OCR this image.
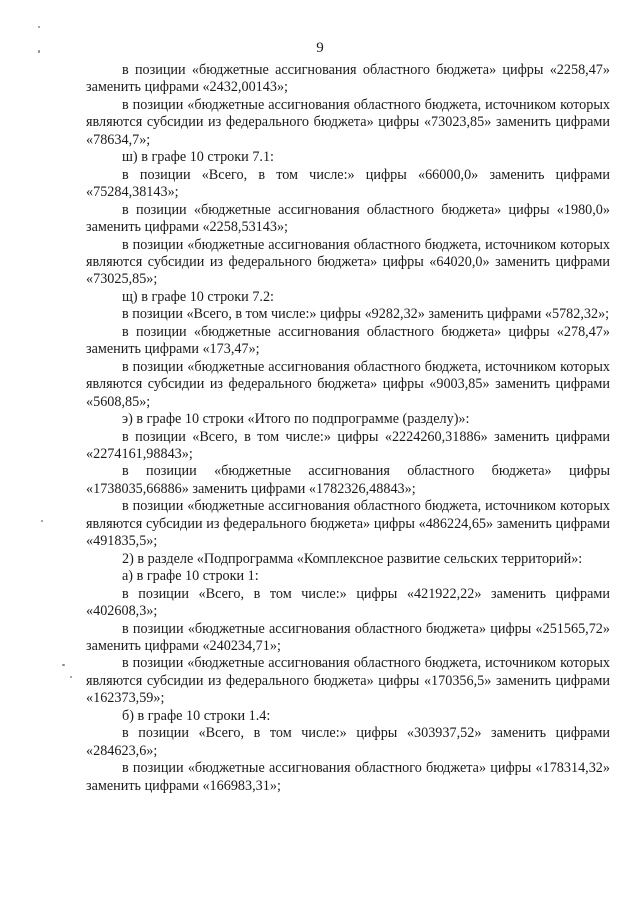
9

в позиции «бюджетные ассигнования областного бюджета» цифры «2258,47» заменить цифрами «2432,00143»;

в позиции «бюджетные ассигнования областного бюджета, источником которых являются субсидии из федерального бюджета» цифры «73023,85» заменить цифрами «78634,7»;

ш) в графе 10 строки 7.1:

в позиции «Всего, в том числе:» цифры «66000,0» заменить цифрами «75284,38143»;

в позиции «бюджетные ассигнования областного бюджета» цифры «1980,0» заменить цифрами «2258,53143»;

в позиции «бюджетные ассигнования областного бюджета, источником которых являются субсидии из федерального бюджета» цифры «64020,0» заменить цифрами «73025,85»;

щ) в графе 10 строки 7.2:

в позиции «Всего, в том числе:» цифры «9282,32» заменить цифрами «5782,32»;

в позиции «бюджетные ассигнования областного бюджета» цифры «278,47» заменить цифрами «173,47»;

в позиции «бюджетные ассигнования областного бюджета, источником которых являются субсидии из федерального бюджета» цифры «9003,85» заменить цифрами «5608,85»;

э) в графе 10 строки «Итого по подпрограмме (разделу)»:

в позиции «Всего, в том числе:» цифры «2224260,31886» заменить цифрами «2274161,98843»;

в позиции «бюджетные ассигнования областного бюджета» цифры «1738035,66886» заменить цифрами «1782326,48843»;

в позиции «бюджетные ассигнования областного бюджета, источником которых являются субсидии из федерального бюджета» цифры «486224,65» заменить цифрами «491835,5»;

2) в разделе «Подпрограмма «Комплексное развитие сельских территорий»:

а) в графе 10 строки 1:

в позиции «Всего, в том числе:» цифры «421922,22» заменить цифрами «402608,3»;

в позиции «бюджетные ассигнования областного бюджета» цифры «251565,72» заменить цифрами «240234,71»;

в позиции «бюджетные ассигнования областного бюджета, источником которых являются субсидии из федерального бюджета» цифры «170356,5» заменить цифрами «162373,59»;

б) в графе 10 строки 1.4:

в позиции «Всего, в том числе:» цифры «303937,52» заменить цифрами «284623,6»;

в позиции «бюджетные ассигнования областного бюджета» цифры «178314,32» заменить цифрами «166983,31»;
